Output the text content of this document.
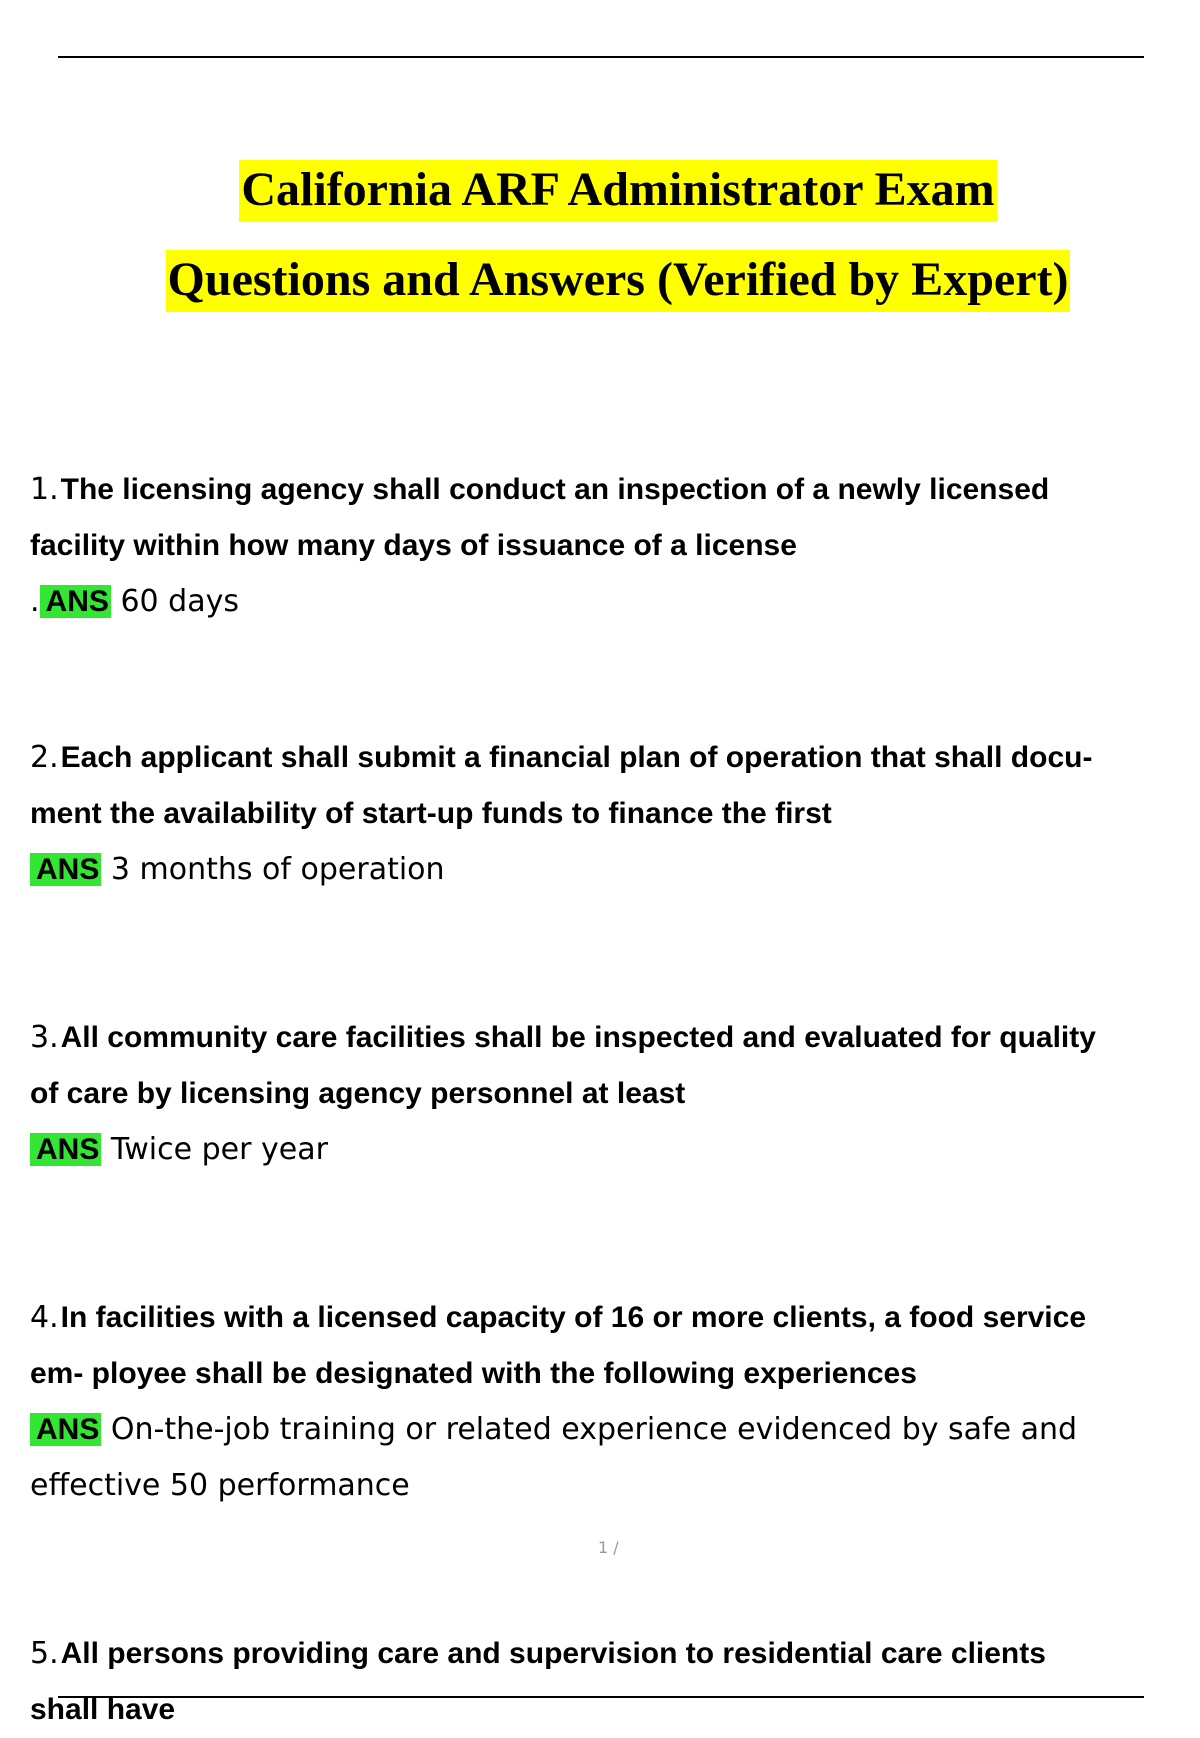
California ARF Administrator Exam
Questions and Answers (Verified by Expert)
1.The licensing agency shall conduct an inspection of a newly licensed
facility within how many days of issuance of a license
. ANS 60 days
2.Each applicant shall submit a financial plan of operation that shall docu-
ment the availability of start-up funds to finance the first
ANS 3 months of operation
3.All community care facilities shall be inspected and evaluated for quality
of care by licensing agency personnel at least
ANS Twice per year
4.In facilities with a licensed capacity of 16 or more clients, a food service
em- ployee shall be designated with the following experiences
ANS On-the-job training or related experience evidenced by safe and
effective 50 performance
5.All persons providing care and supervision to residential care clients
shall have
1 /
